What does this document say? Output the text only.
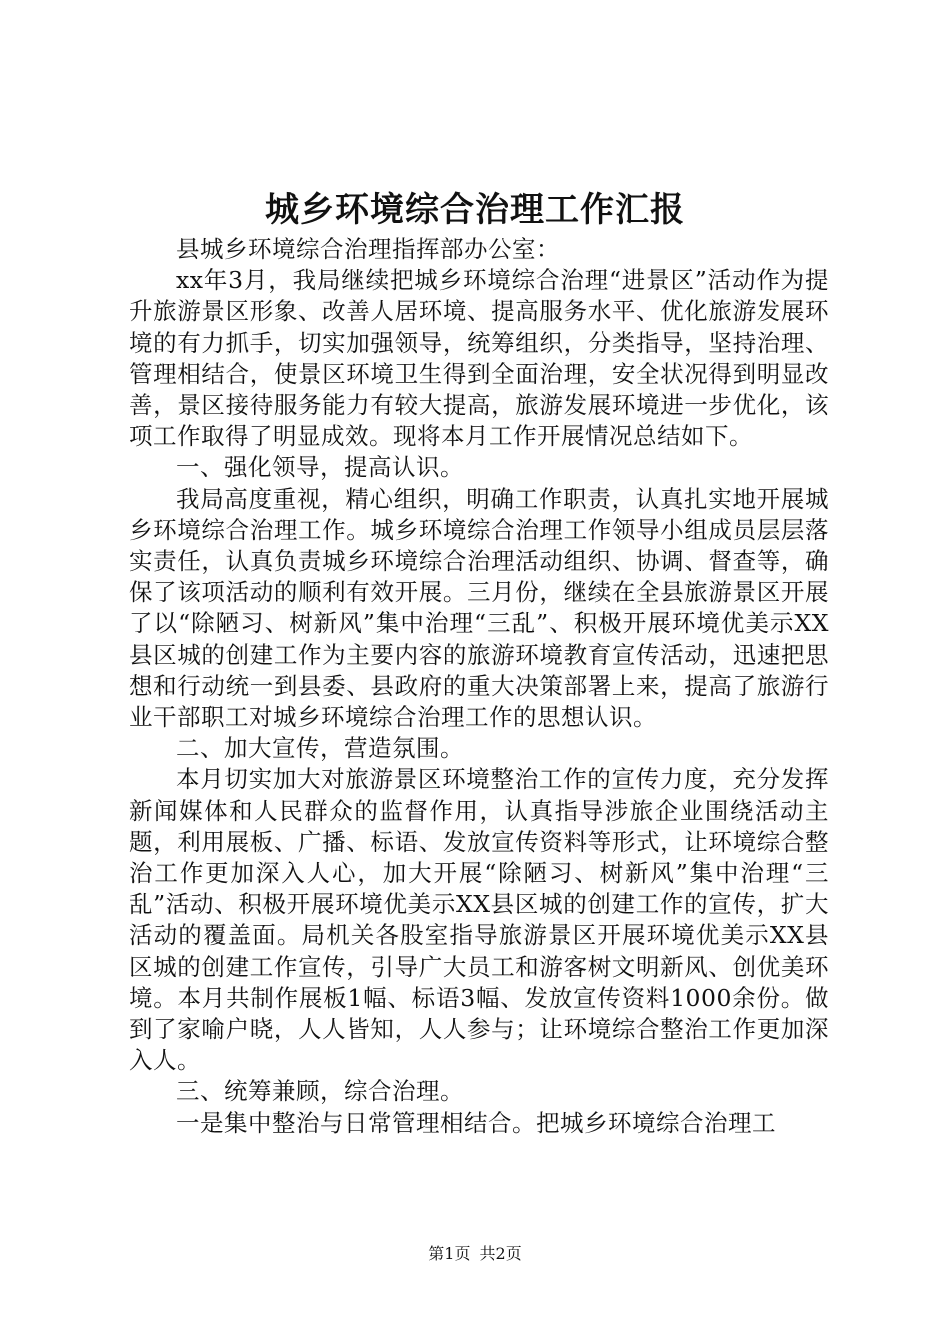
城乡环境综合治理工作汇报

县城乡环境综合治理指挥部办公室：

xx年3月，我局继续把城乡环境综合治理“进景区”活动作为提升旅游景区形象、改善人居环境、提高服务水平、优化旅游发展环境的有力抓手，切实加强领导，统筹组织，分类指导，坚持治理、管理相结合，使景区环境卫生得到全面治理，安全状况得到明显改善，景区接待服务能力有较大提高，旅游发展环境进一步优化，该项工作取得了明显成效。现将本月工作开展情况总结如下。

一、强化领导，提高认识。

我局高度重视，精心组织，明确工作职责，认真扎实地开展城乡环境综合治理工作。城乡环境综合治理工作领导小组成员层层落实责任，认真负责城乡环境综合治理活动组织、协调、督查等，确保了该项活动的顺利有效开展。三月份，继续在全县旅游景区开展了以“除陋习、树新风”集中治理“三乱”、积极开展环境优美示XX县区城的创建工作为主要内容的旅游环境教育宣传活动，迅速把思想和行动统一到县委、县政府的重大决策部署上来，提高了旅游行业干部职工对城乡环境综合治理工作的思想认识。

二、加大宣传，营造氛围。

本月切实加大对旅游景区环境整治工作的宣传力度，充分发挥新闻媒体和人民群众的监督作用，认真指导涉旅企业围绕活动主题，利用展板、广播、标语、发放宣传资料等形式，让环境综合整治工作更加深入人心，加大开展“除陋习、树新风”集中治理“三乱”活动、积极开展环境优美示XX县区城的创建工作的宣传，扩大活动的覆盖面。局机关各股室指导旅游景区开展环境优美示XX县区城的创建工作宣传，引导广大员工和游客树文明新风、创优美环境。本月共制作展板1幅、标语3幅、发放宣传资料1000余份。做到了家喻户晓，人人皆知，人人参与；让环境综合整治工作更加深入人。

三、统筹兼顾，综合治理。

一是集中整治与日常管理相结合。把城乡环境综合治理工

第1页 共2页
